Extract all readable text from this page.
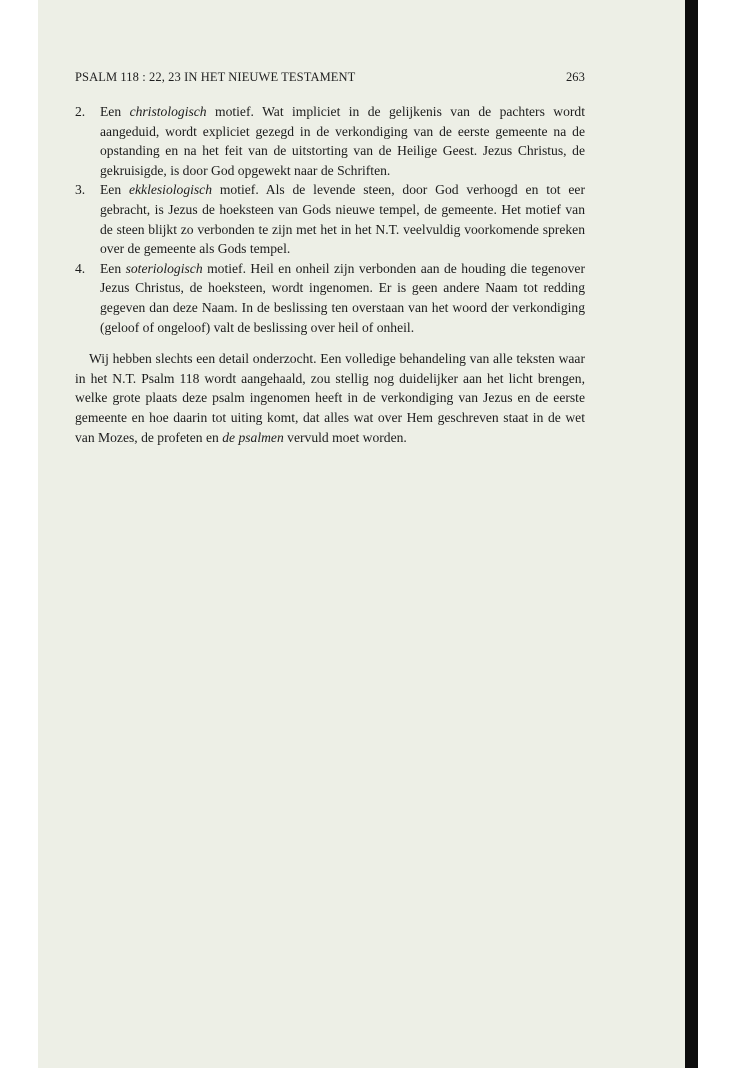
PSALM 118 : 22, 23 IN HET NIEUWE TESTAMENT	263
2. Een christologisch motief. Wat impliciet in de gelijkenis van de pachters wordt aangeduid, wordt expliciet gezegd in de verkondiging van de eerste gemeente na de opstanding en na het feit van de uitstorting van de Heilige Geest. Jezus Christus, de gekruisigde, is door God opgewekt naar de Schriften.

3. Een ekklesiologisch motief. Als de levende steen, door God verhoogd en tot eer gebracht, is Jezus de hoeksteen van Gods nieuwe tempel, de gemeente. Het motief van de steen blijkt zo verbonden te zijn met het in het N.T. veelvuldig voorkomende spreken over de gemeente als Gods tempel.

4. Een soteriologisch motief. Heil en onheil zijn verbonden aan de houding die tegenover Jezus Christus, de hoeksteen, wordt ingenomen. Er is geen andere Naam tot redding gegeven dan deze Naam. In de beslissing ten overstaan van het woord der verkondiging (geloof of ongeloof) valt de beslissing over heil of onheil.

Wij hebben slechts een detail onderzocht. Een volledige behandeling van alle teksten waar in het N.T. Psalm 118 wordt aangehaald, zou stellig nog duidelijker aan het licht brengen, welke grote plaats deze psalm ingenomen heeft in de verkondiging van Jezus en de eerste gemeente en hoe daarin tot uiting komt, dat alles wat over Hem geschreven staat in de wet van Mozes, de profeten en de psalmen vervuld moet worden.
